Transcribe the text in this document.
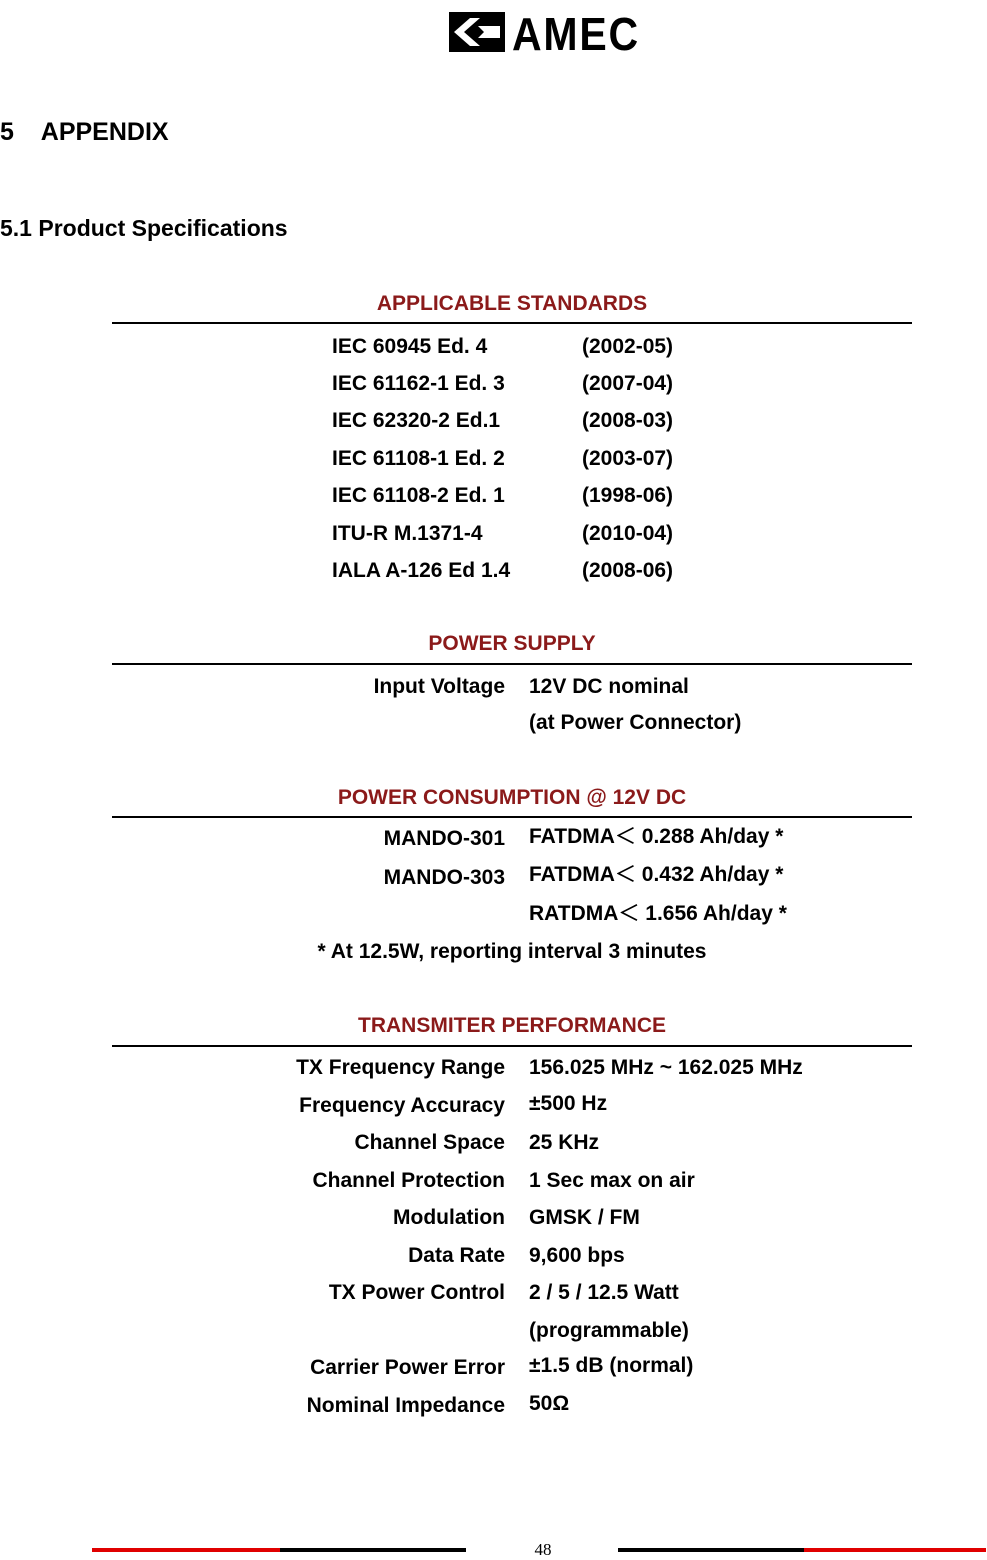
AMEC
5 APPENDIX
5.1 Product Specifications
APPLICABLE STANDARDS
IEC 60945 Ed. 4	(2002-05)
IEC 61162-1 Ed. 3	(2007-04)
IEC 62320-2 Ed.1	(2008-03)
IEC 61108-1 Ed. 2	(2003-07)
IEC 61108-2 Ed. 1	(1998-06)
ITU-R M.1371-4	(2010-04)
IALA A-126 Ed 1.4	(2008-06)
POWER SUPPLY
Input Voltage 12V DC nominal
(at Power Connector)
POWER CONSUMPTION @ 12V DC
MANDO-301 FATDMA＜ 0.288 Ah/day *
MANDO-303 FATDMA＜ 0.432 Ah/day *
RATDMA＜ 1.656 Ah/day *
* At 12.5W, reporting interval 3 minutes
TRANSMITER PERFORMANCE
TX Frequency Range 156.025 MHz ~ 162.025 MHz
Frequency Accuracy ±500 Hz
Channel Space 25 KHz
Channel Protection 1 Sec max on air
Modulation GMSK / FM
Data Rate 9,600 bps
TX Power Control 2 / 5 / 12.5 Watt
(programmable)
Carrier Power Error ±1.5 dB (normal)
Nominal Impedance 50Ω
48
